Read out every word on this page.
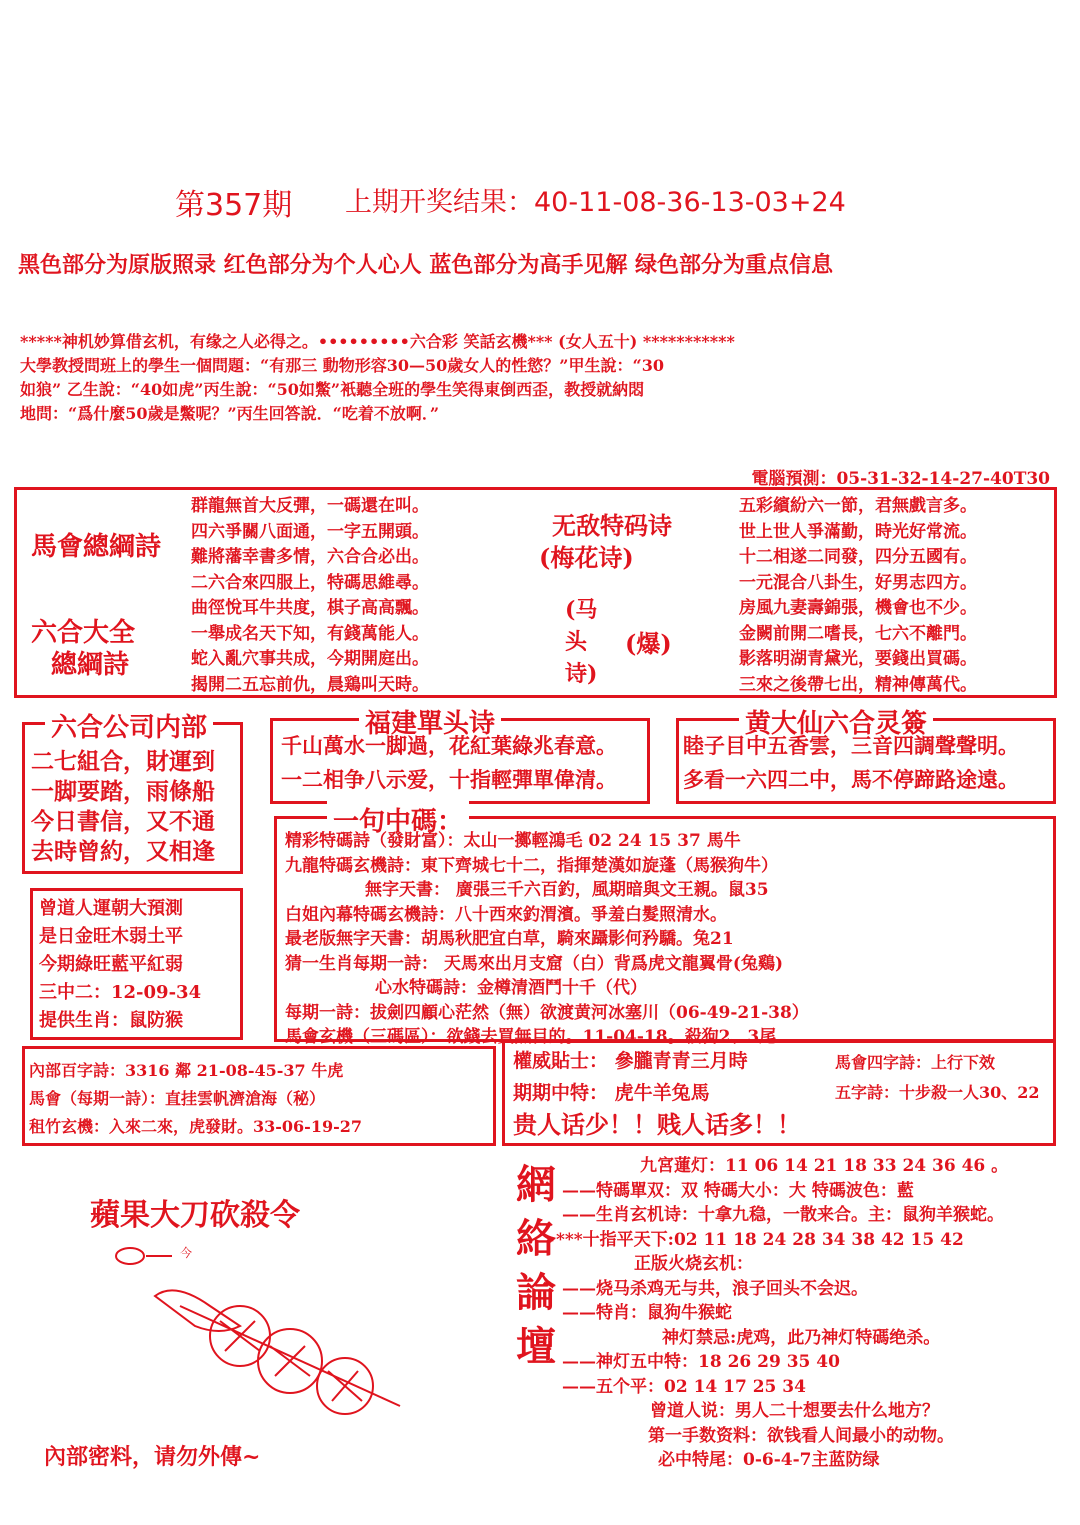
第357期 上期开奖结果：40-11-08-36-13-03+24
黑色部分为原版照录 红色部分为个人心人 蓝色部分为高手见解 绿色部分为重点信息
*****神机妙算借玄机，有缘之人必得之。•••••••••六合彩 笑話玄機*** (女人五十) ***********
大學教授問班上的學生一個問題：“有那三 動物形容30—50歲女人的性慾？”甲生說：“30
如狼” 乙生說：“40如虎”丙生說：“50如鱉”衹聽全班的學生笑得東倒西歪，教授就納悶
地問：“爲什麼50歲是鱉呢？”丙生回答說．“吃着不放啊．”
電腦預測：05-31-32-14-27-40T30
馬會總綱詩
六合大全
總綱詩
群龍無首大反彈，一碼還在叫。
四六爭關八面通，一字五開頭。
難將藩幸書多情，六合合必出。
二六合來四服上，特碼思維尋。
曲徑悅耳牛共度，棋子高高飄。
一舉成名天下知，有錢萬能人。
蛇入亂穴事共成，今期開庭出。
揭開二五忘前仇，晨鶏叫天時。
无敌特码诗
(梅花诗)
(马
头
诗)
(爆)
五彩繽紛六一節，君無戲言多。
世上世人爭滿勤，時光好常流。
十二相遂二同發，四分五國有。
一元混合八卦生，好男志四方。
房風九妻壽錦張，機會也不少。
金闕前開二嗜長，七六不離門。
影落明湖青黛光，要錢出買碼。
三來之後帶七出，精神傳萬代。
六合公司内部
二七組合，財運到
一脚要踏，雨條船
今日書信，又不通
去時曾約，又相逢
福建單头诗
千山萬水一脚過，花紅葉綠兆春意。
一二相争八示爱，十指輕彈單偉清。
黄大仙六合灵簽
睦子目中五香雲，三音四調聲聲明。
多看一六四二中，馬不停蹄路途遠。
曾道人運朝大預測
是日金旺木弱土平
今期綠旺藍平紅弱
三中二：12-09-34
提供生肖：鼠防猴
一句中碼：
精彩特碼詩（發財富）：太山一擲輕鴻毛 02 24 15 37 馬牛
九龍特碼玄機詩：東下齊城七十二，指揮楚漢如旋蓬（馬猴狗牛）
無字天書： 廣張三千六百釣，風期暗與文王親。鼠35
白姐內幕特碼玄機詩：八十西來釣渭濱。爭羞白髮照清水。
最老版無字天書：胡馬秋肥宜白草，騎來躡影何矜驕。兔21
猜一生肖每期一詩： 天馬來出月支窟（白）背爲虎文龍翼骨(兔鷄)
心水特碼詩：金樽清酒鬥十千（代）
每期一詩：拔劍四顧心茫然（無）欲渡黄河冰塞川（06-49-21-38）
馬會玄機（三碼區）：欲錢去買無目的。11-04-18。殺狗2、3尾
內部百字詩：3316 鄰 21-08-45-37 牛虎
馬會（每期一詩）：直挂雲帆濟滄海（秘）
租竹玄機：入來二來，虎發財。33-06-19-27
權威貼士： 參朧青青三月時	馬會四字詩：上行下效
期期中特： 虎牛羊兔馬	五字詩：十步殺一人30、22
贵人话少！！贱人话多！！
蘋果大刀砍殺令
今
內部密料，请勿外傳~
網
絡
論
壇
九宮蓮灯：11 06 14 21 18 33 24 36 46 。
——特碼單双：双 特碼大小：大 特碼波色：藍
——生肖玄机诗：十拿九稳，一散来合。主：鼠狗羊猴蛇。
***十指平天下:02 11 18 24 28 34 38 42 15 42
正版火烧玄机：
——烧马杀鸡无与共，浪子回头不会迟。
——特肖：鼠狗牛猴蛇
神灯禁忌:虎鸡，此乃神灯特碼绝杀。
——神灯五中特：18 26 29 35 40
——五个平：02 14 17 25 34
曾道人说：男人二十想要去什么地方？
第一手数资料：欲钱看人间最小的动物。
必中特尾：0-6-4-7主蓝防绿
